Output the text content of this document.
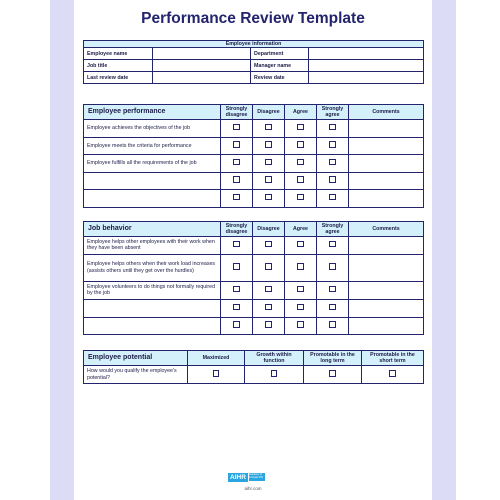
Performance Review Template
Employee information			
Employee name		Department	
Job title		Manager name	
Last review date		Review date	
Employee performance	Strongly disagree	Disagree	Agree	Strongly agree	Comments
Employee achieves the objectives of the job					
Employee meets the criteria for performance					
Employee fulfills all the requirements of the job					

Job behavior	Strongly disagree	Disagree	Agree	Strongly agree	Comments
Employee helps other employees with their work when they have been absent					
Employee helps others when their work load increases (assists others until they get over the hurdles)					
Employee volunteers to do things not formally required by the job					

Employee potential	Maximized	Growth within function	Promotable in the long term	Promotable in the short term
How would you qualify the employee's potential?				
AIHR	Academy to Innovate HR
aihr.com
